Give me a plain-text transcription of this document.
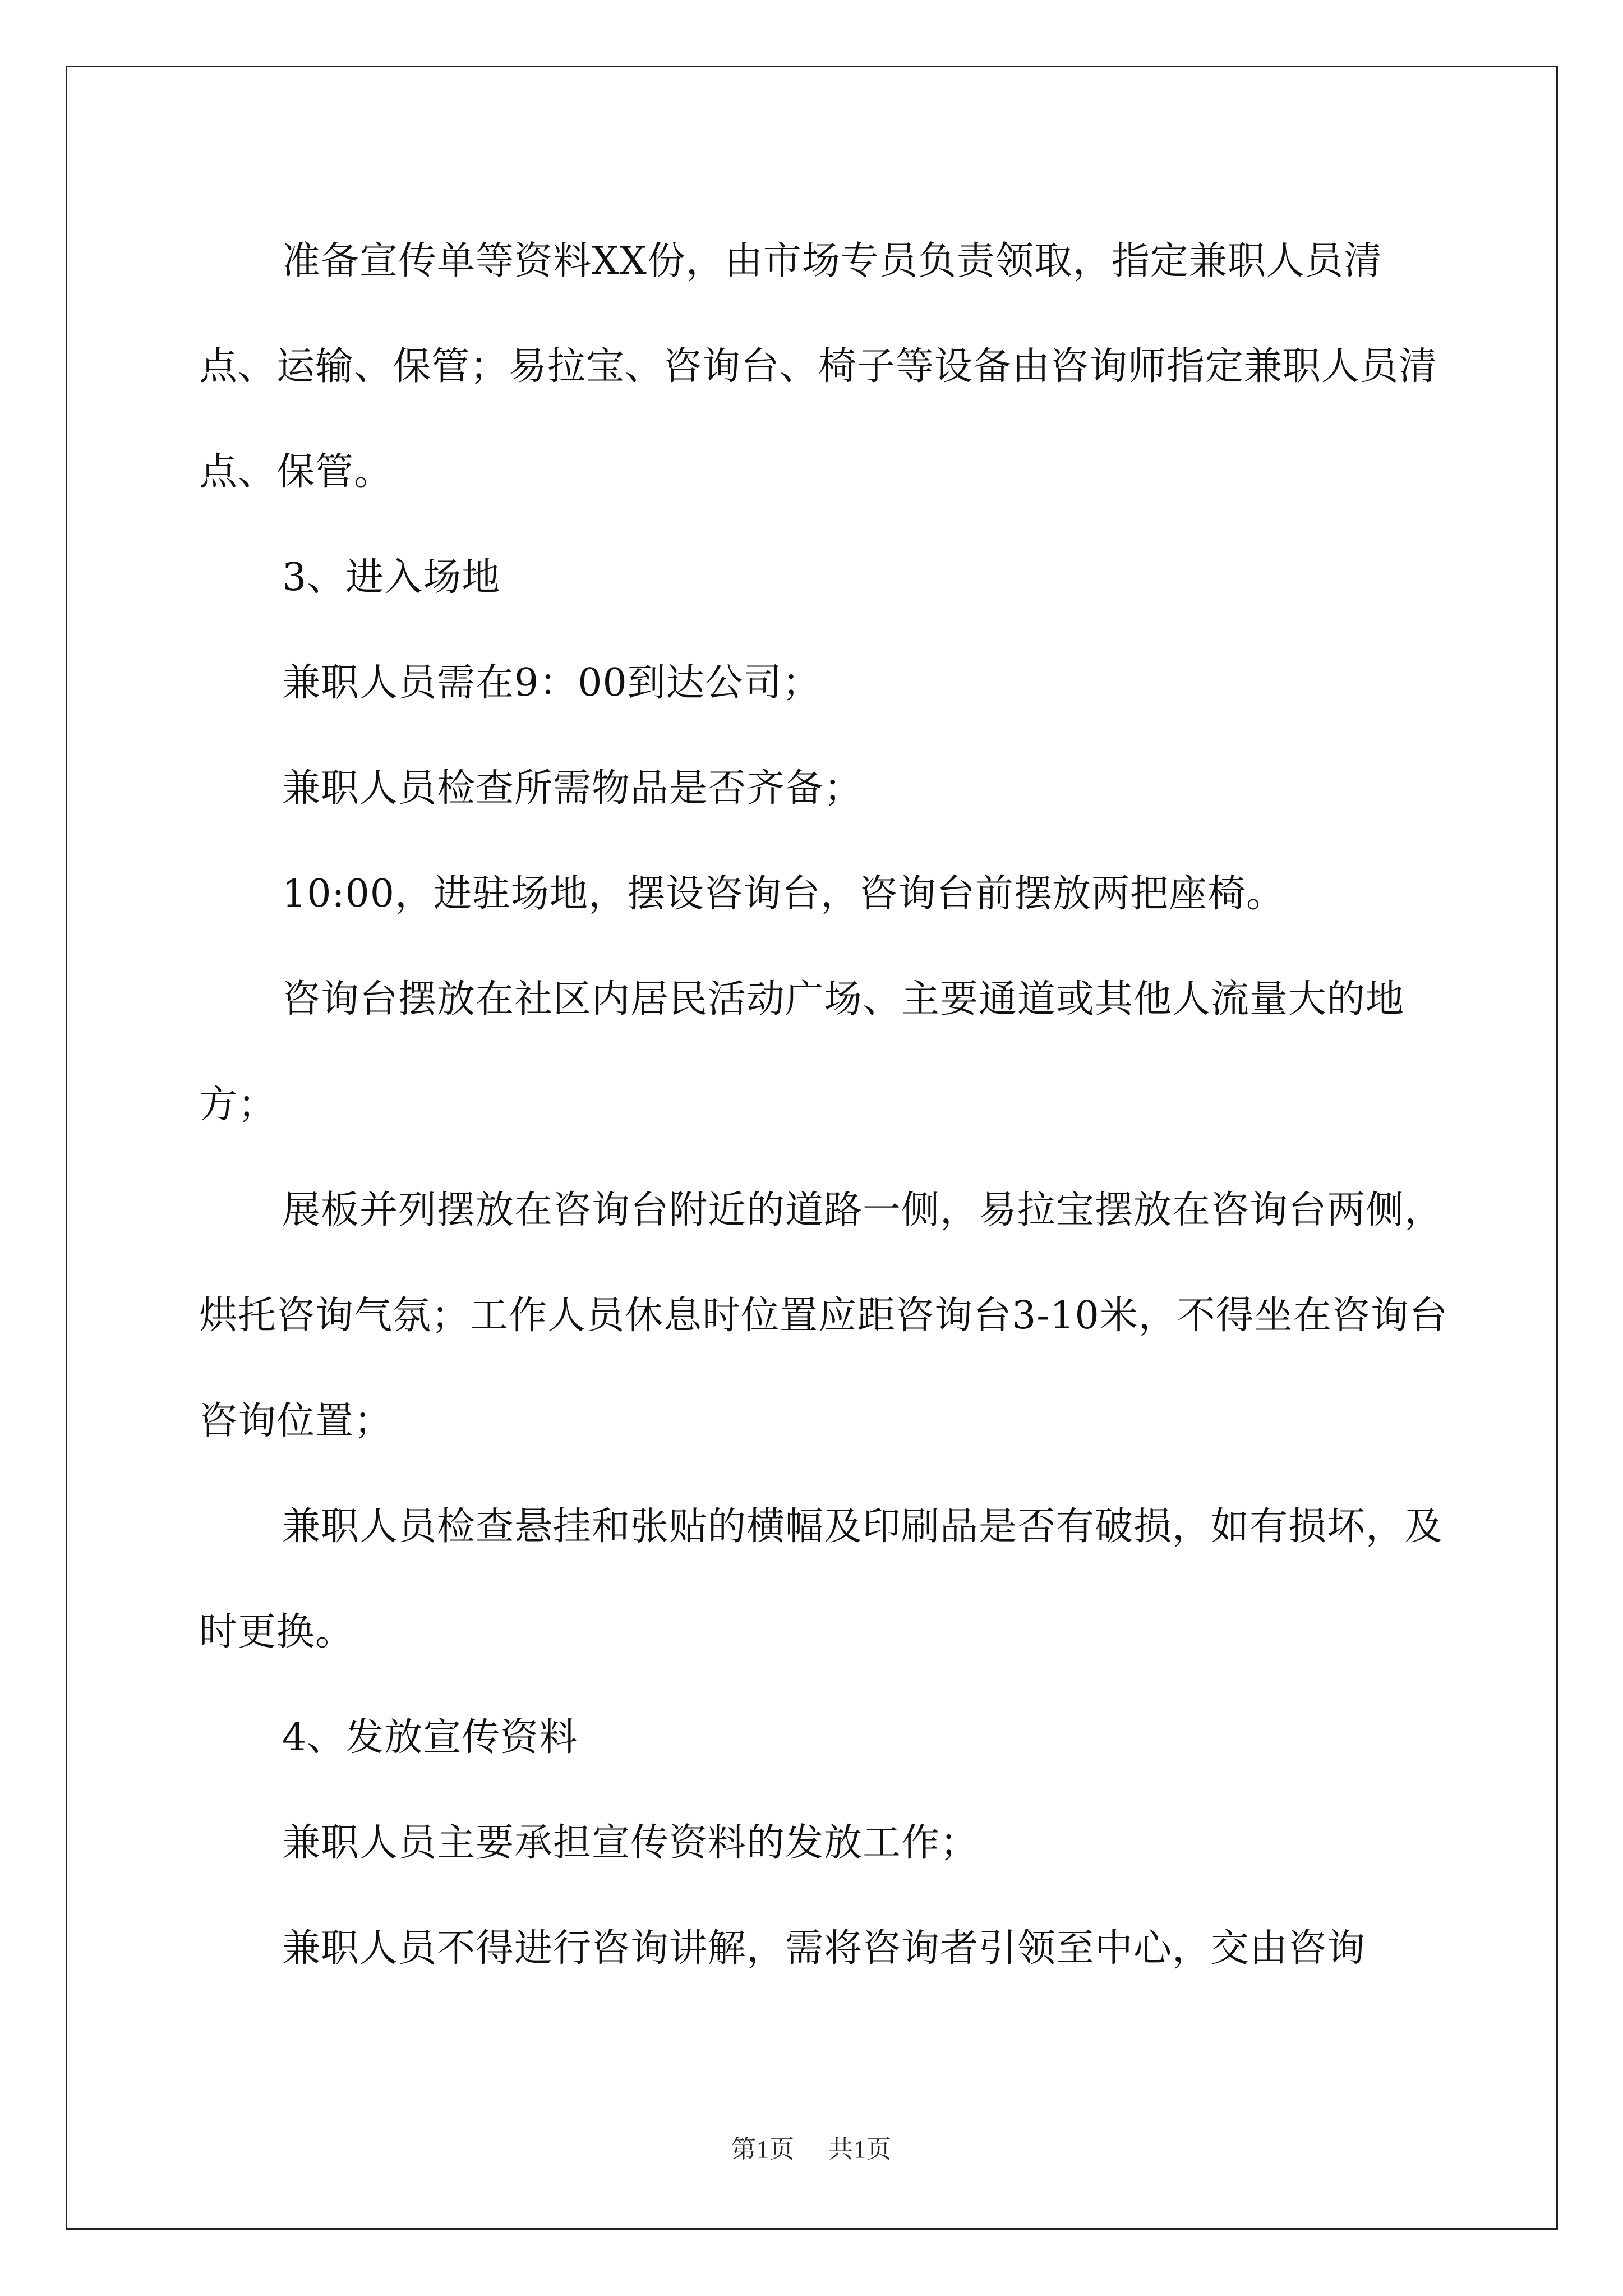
准备宣传单等资料XX份，由市场专员负责领取，指定兼职人员清点、运输、保管；易拉宝、咨询台、椅子等设备由咨询师指定兼职人员清点、保管。

3、进入场地

兼职人员需在9：00到达公司；

兼职人员检查所需物品是否齐备；

10:00，进驻场地，摆设咨询台，咨询台前摆放两把座椅。

咨询台摆放在社区内居民活动广场、主要通道或其他人流量大的地方；

展板并列摆放在咨询台附近的道路一侧，易拉宝摆放在咨询台两侧，烘托咨询气氛；工作人员休息时位置应距咨询台3-10米，不得坐在咨询台咨询位置；

兼职人员检查悬挂和张贴的横幅及印刷品是否有破损，如有损坏，及时更换。

4、发放宣传资料

兼职人员主要承担宣传资料的发放工作；

兼职人员不得进行咨询讲解，需将咨询者引领至中心，交由咨询

第1页 共1页
